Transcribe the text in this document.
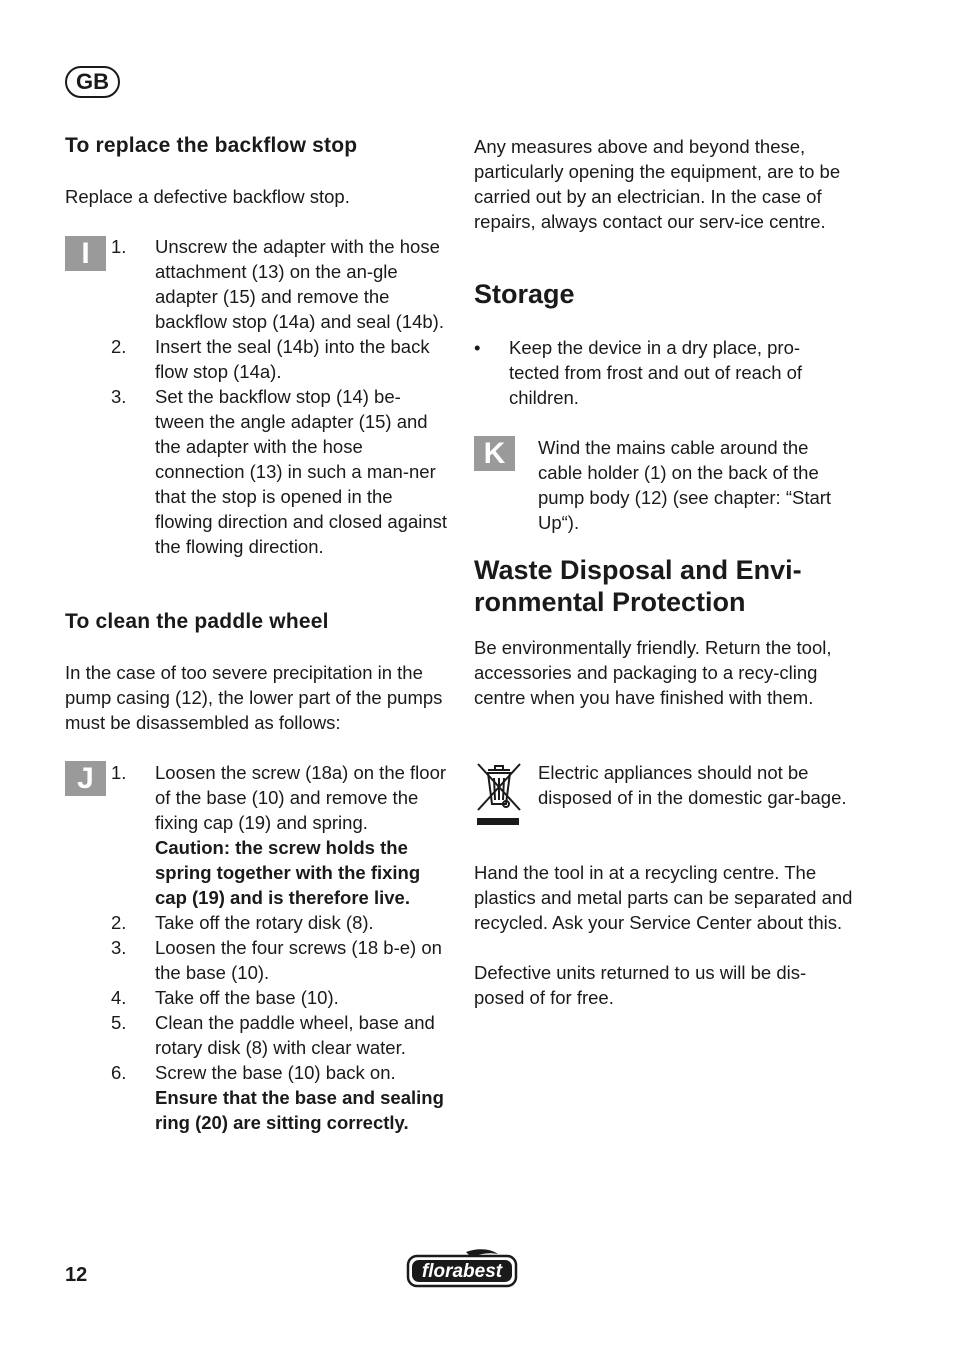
GB
To replace the backflow stop
Replace a defective backflow stop.
I	1. Unscrew the adapter with the hose attachment (13) on the an-gle adapter (15) and remove the backflow stop (14a) and seal (14b).
2. Insert the seal (14b) into the back flow stop (14a).
3. Set the backflow stop (14) be-tween the angle adapter (15) and the adapter with the hose connection (13) in such a man-ner that the stop is opened in the flowing direction and closed against the flowing direction.
To clean the paddle wheel
In the case of too severe precipitation in the pump casing (12), the lower part of the pumps must be disassembled as follows:
J 1. Loosen the screw (18a) on the floor of the base (10) and remove the fixing cap (19) and spring.
Caution: the screw holds the spring together with the fixing cap (19) and is therefore live.
2. Take off the rotary disk (8).
3. Loosen the four screws (18 b-e) on the base (10).
4. Take off the base (10).
5. Clean the paddle wheel, base and rotary disk (8) with clear water.
6. Screw the base (10) back on.
Ensure that the base and sealing ring (20) are sitting correctly.
Any measures above and beyond these, particularly opening the equipment, are to be carried out by an electrician. In the case of repairs, always contact our serv-ice centre.
Storage
• Keep the device in a dry place, pro-tected from frost and out of reach of children.
K	Wind the mains cable around the cable holder (1) on the back of the pump body (12) (see chapter: “Start Up“).
Waste Disposal and Envi-
ronmental Protection
Be environmentally friendly. Return the tool, accessories and packaging to a recy-cling centre when you have finished with them.
Electric appliances should not be disposed of in the domestic gar-bage.
Hand the tool in at a recycling centre. The plastics and metal parts can be separated and recycled. Ask your Service Center about this.
Defective units returned to us will be dis-posed of for free.
12	florabest
